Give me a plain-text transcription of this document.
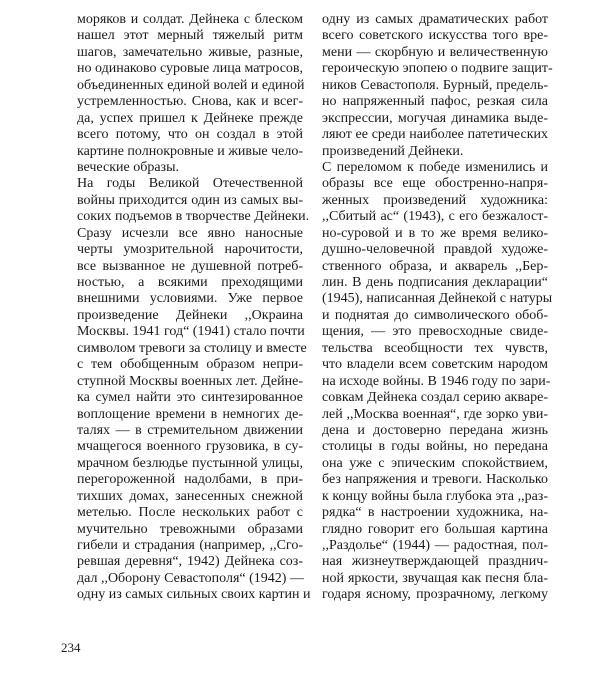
моряков и солдат. Дейнека с блеском
нашел этот мерный тяжелый ритм
шагов, замечательно живые, разные,
но одинаково суровые лица матросов,
объединенных единой волей и единой
устремленностью. Снова, как и всег-
да, успех пришел к Дейнеке прежде
всего потому, что он создал в этой
картине полнокровные и живые чело-
веческие образы.
На годы Великой Отечественной
войны приходится один из самых вы-
соких подъемов в творчестве Дейнеки.
Сразу исчезли все явно наносные
черты умозрительной нарочитости,
все вызванное не душевной потреб-
ностью, а всякими преходящими
внешними условиями. Уже первое
произведение Дейнеки ,,Окраина
Москвы. 1941 год“ (1941) стало почти
символом тревоги за столицу и вместе
с тем обобщенным образом непри-
ступной Москвы военных лет. Дейне-
ка сумел найти это синтезированное
воплощение времени в немногих де-
талях — в стремительном движении
мчащегося военного грузовика, в су-
мрачном безлюдье пустынной улицы,
перегороженной надолбами, в при-
тихших домах, занесенных снежной
метелью. После нескольких работ с
мучительно тревожными образами
гибели и страдания (например, ,,Сго-
ревшая деревня“, 1942) Дейнека соз-
дал ,,Оборону Севастополя“ (1942) —
одну из самых сильных своих картин и
одну из самых драматических работ
всего советского искусства того вре-
мени — скорбную и величественную
героическую эпопею о подвиге защит-
ников Севастополя. Бурный, предель-
но напряженный пафос, резкая сила
экспрессии, могучая динамика выде-
ляют ее среди наиболее патетических
произведений Дейнеки.
С переломом к победе изменились и
образы все еще обостренно-напря-
женных произведений художника:
,,Сбитый ас“ (1943), с его безжалост-
но-суровой и в то же время велико-
душно-человечной правдой художе-
ственного образа, и акварель ,,Бер-
лин. В день подписания декларации“
(1945), написанная Дейнекой с натуры
и поднятая до символического обоб-
щения, — это превосходные свиде-
тельства всеобщности тех чувств,
что владели всем советским народом
на исходе войны. В 1946 году по зари-
совкам Дейнека создал серию акваре-
лей ,,Москва военная“, где зорко уви-
дена и достоверно передана жизнь
столицы в годы войны, но передана
она уже с эпическим спокойствием,
без напряжения и тревоги. Насколько
к концу войны была глубока эта ,,раз-
рядка“ в настроении художника, на-
глядно говорит его большая картина
,,Раздолье“ (1944) — радостная, пол-
ная жизнеутверждающей празднич-
ной яркости, звучащая как песня бла-
годаря ясному, прозрачному, легкому
234
